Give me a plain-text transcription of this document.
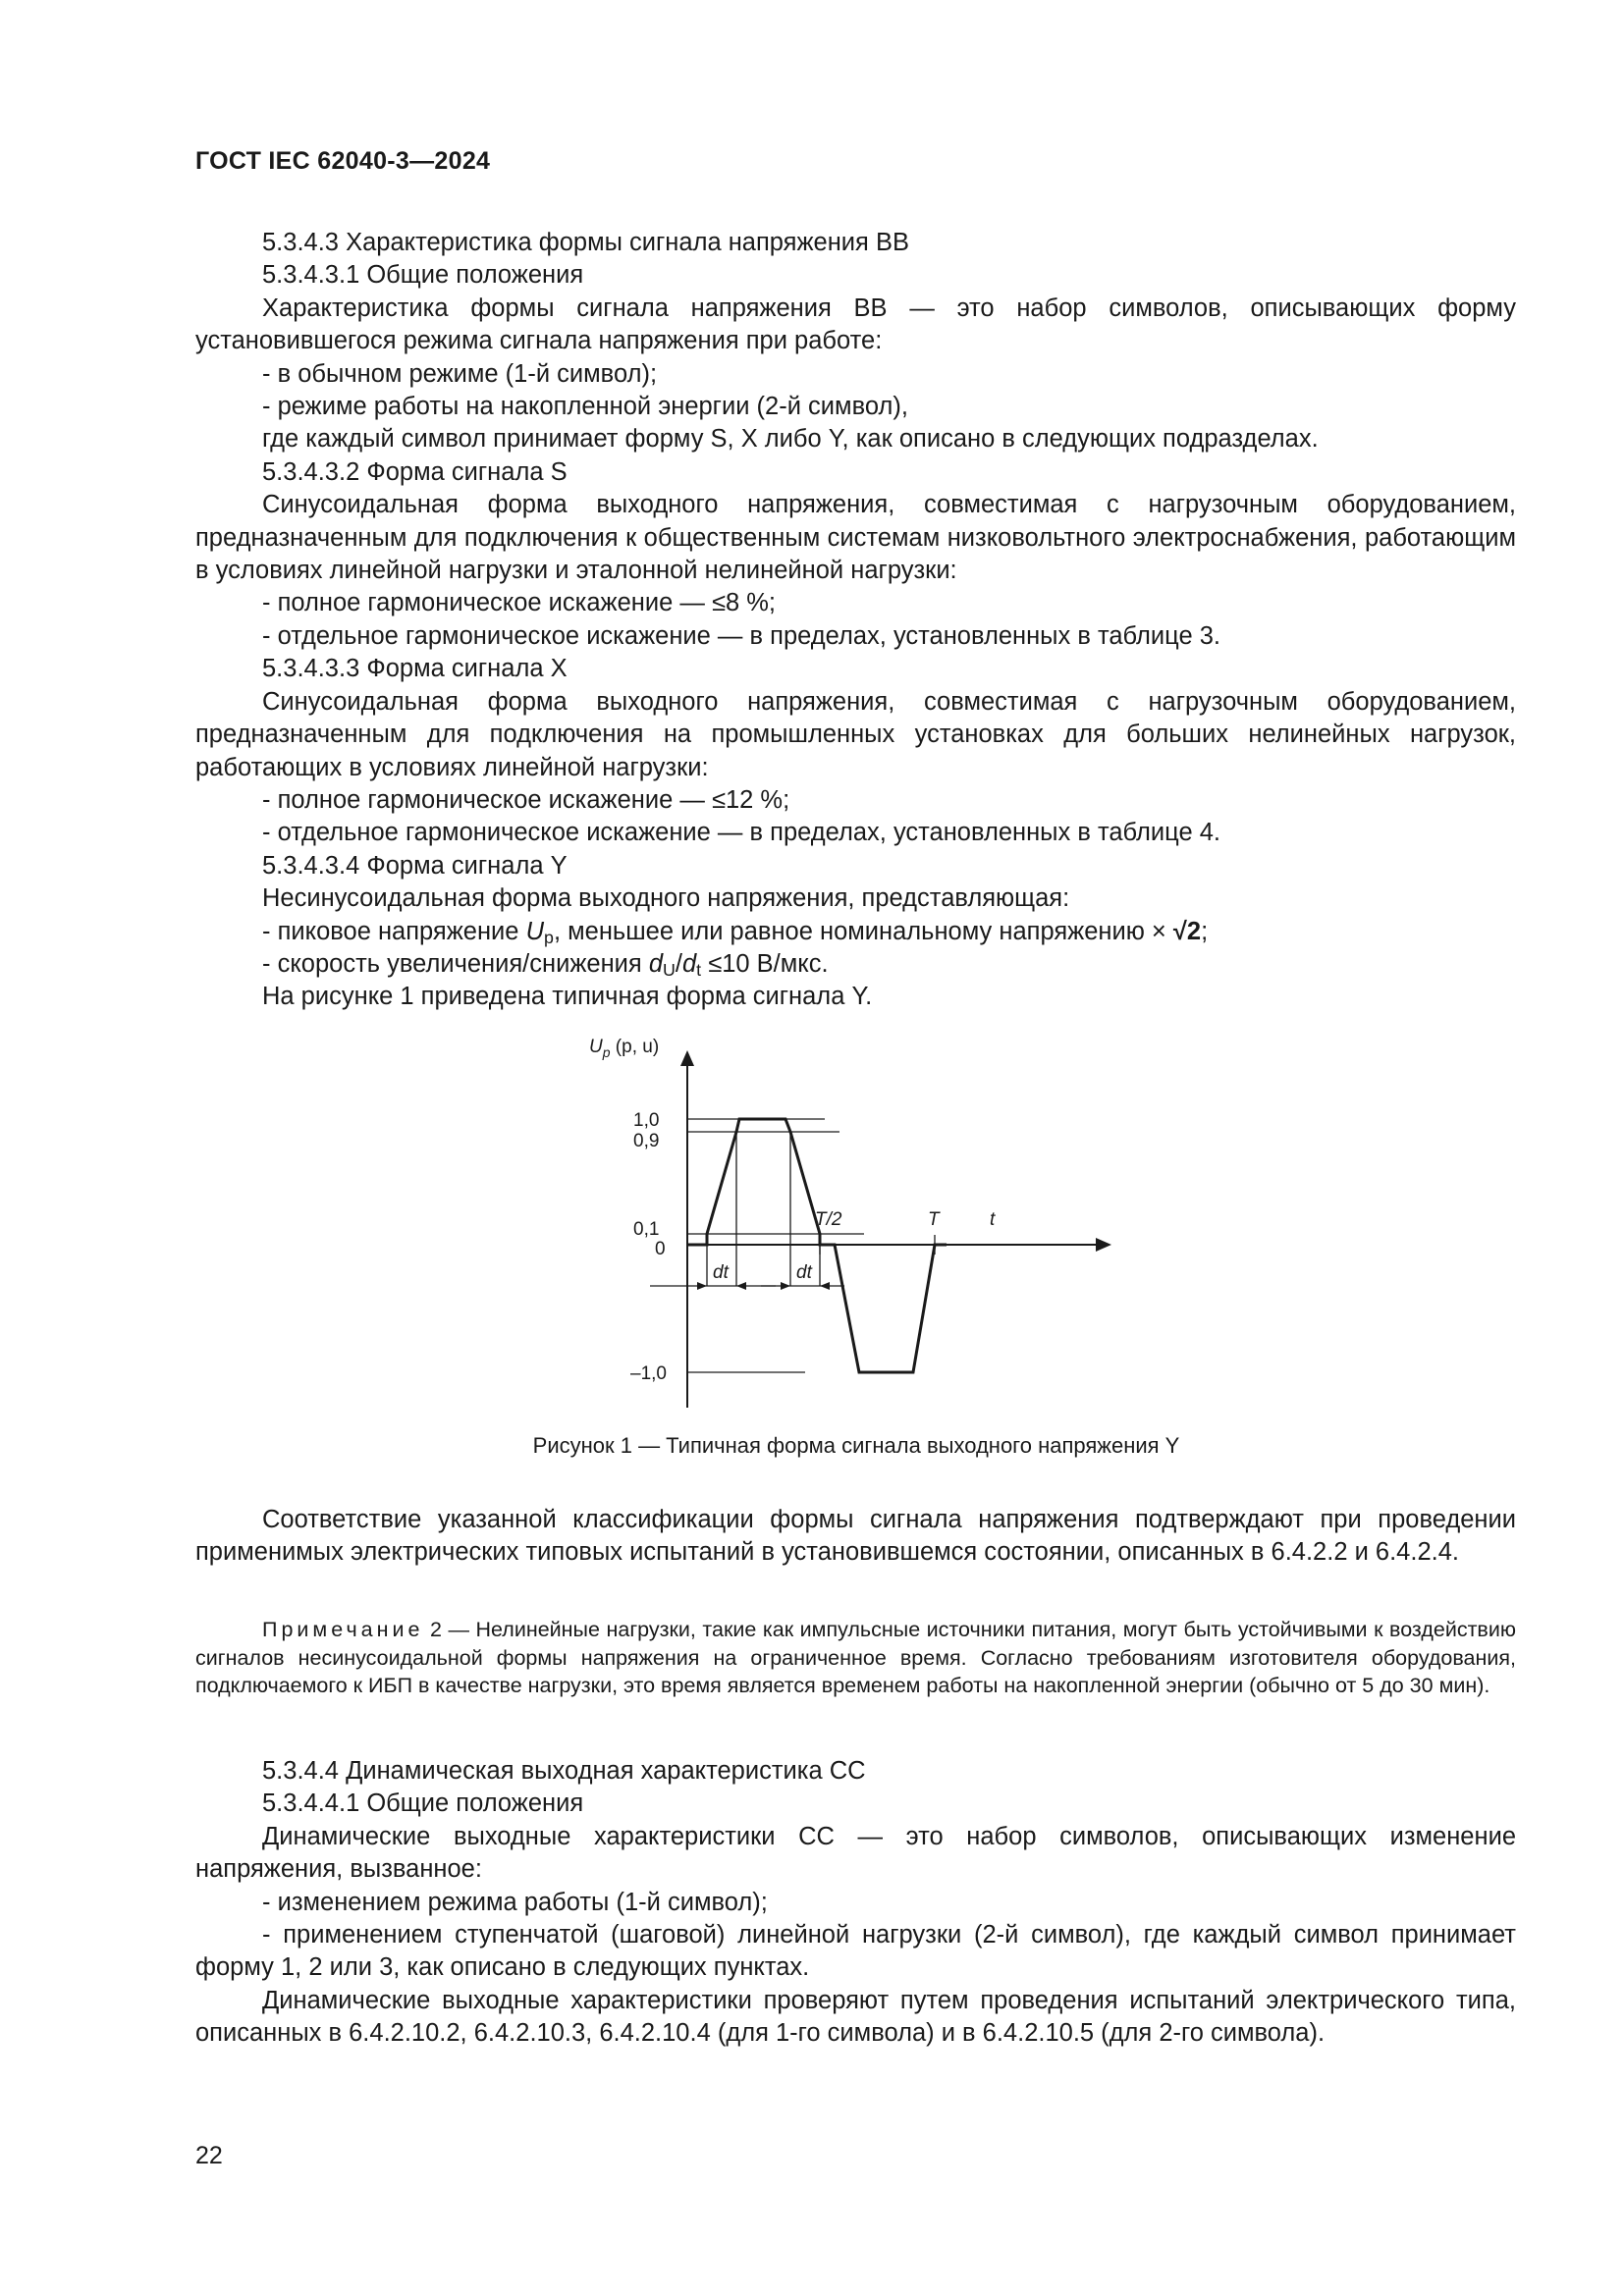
ГОСТ IEC 62040-3—2024

5.3.4.3 Характеристика формы сигнала напряжения ВВ

5.3.4.3.1 Общие положения

Характеристика формы сигнала напряжения ВВ — это набор символов, описывающих форму установившегося режима сигнала напряжения при работе:

- в обычном режиме (1-й символ);

- режиме работы на накопленной энергии (2-й символ),

где каждый символ принимает форму S, X либо Y, как описано в следующих подразделах.

5.3.4.3.2 Форма сигнала S

Синусоидальная форма выходного напряжения, совместимая с нагрузочным оборудованием, предназначенным для подключения к общественным системам низковольтного электроснабжения, работающим в условиях линейной нагрузки и эталонной нелинейной нагрузки:

- полное гармоническое искажение — ≤8 %;

- отдельное гармоническое искажение — в пределах, установленных в таблице 3.

5.3.4.3.3 Форма сигнала X

Синусоидальная форма выходного напряжения, совместимая с нагрузочным оборудованием, предназначенным для подключения на промышленных установках для больших нелинейных нагрузок, работающих в условиях линейной нагрузки:

- полное гармоническое искажение — ≤12 %;

- отдельное гармоническое искажение — в пределах, установленных в таблице 4.

5.3.4.3.4 Форма сигнала Y

Несинусоидальная форма выходного напряжения, представляющая:

- пиковое напряжение $U_p$, меньшее или равное номинальному напряжению × √2;

- скорость увеличения/снижения $d_U/d_t \le 10$ В/мкс.

На рисунке 1 приведена типичная форма сигнала Y.

$U_p$ (p, u)
1,0
0,9
0,1
0
–1,0
T/2	T	t
dt	dt
Рисунок 1 — Типичная форма сигнала выходного напряжения Y

Соответствие указанной классификации формы сигнала напряжения подтверждают при проведении применимых электрических типовых испытаний в установившемся состоянии, описанных в 6.4.2.2 и 6.4.2.4.

Примечание 2 — Нелинейные нагрузки, такие как импульсные источники питания, могут быть устойчивыми к воздействию сигналов несинусоидальной формы напряжения на ограниченное время. Согласно требованиям изготовителя оборудования, подключаемого к ИБП в качестве нагрузки, это время является временем работы на накопленной энергии (обычно от 5 до 30 мин).

5.3.4.4 Динамическая выходная характеристика СС

5.3.4.4.1 Общие положения

Динамические выходные характеристики СС — это набор символов, описывающих изменение напряжения, вызванное:

- изменением режима работы (1-й символ);

- применением ступенчатой (шаговой) линейной нагрузки (2-й символ), где каждый символ принимает форму 1, 2 или 3, как описано в следующих пунктах.

Динамические выходные характеристики проверяют путем проведения испытаний электрического типа, описанных в 6.4.2.10.2, 6.4.2.10.3, 6.4.2.10.4 (для 1-го символа) и в 6.4.2.10.5 (для 2-го символа).

22
